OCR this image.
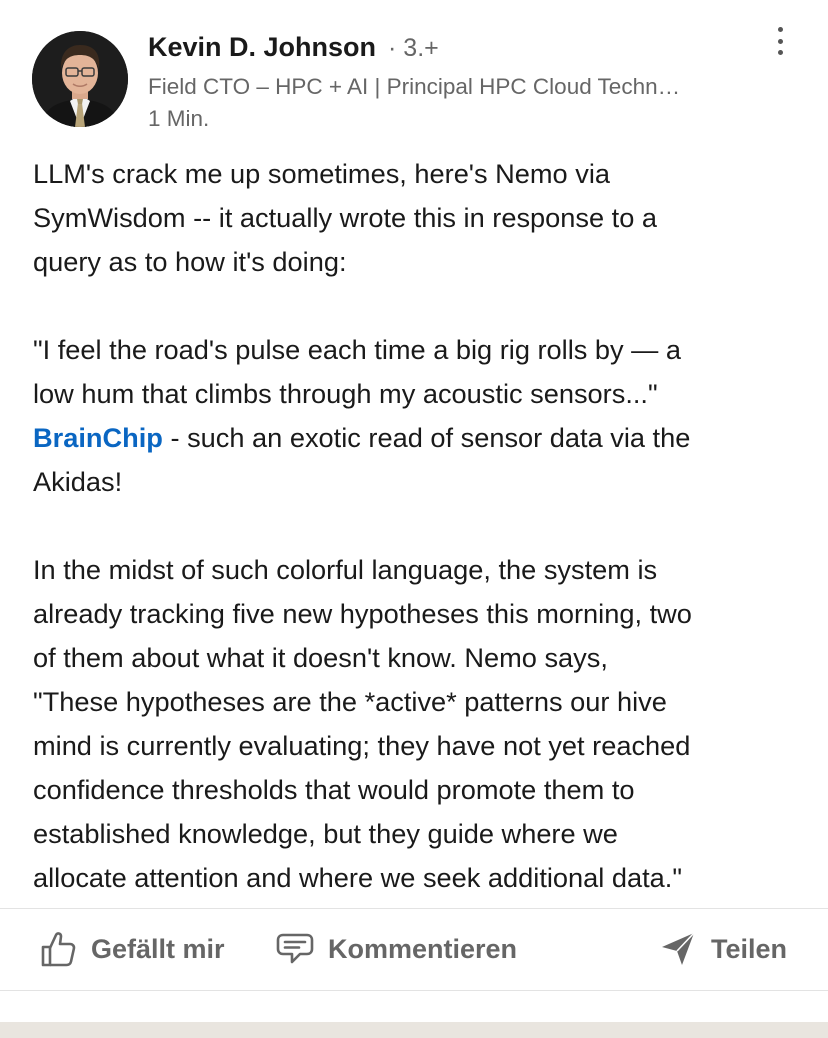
Kevin D. Johnson · 3.+
Field CTO – HPC + AI | Principal HPC Cloud Techn…
1 Min.

LLM's crack me up sometimes, here's Nemo via

SymWisdom -- it actually wrote this in response to a

query as to how it's doing:

"I feel the road's pulse each time a big rig rolls by — a

low hum that climbs through my acoustic sensors..."

BrainChip - such an exotic read of sensor data via the

Akidas!

In the midst of such colorful language, the system is

already tracking five new hypotheses this morning, two

of them about what it doesn't know. Nemo says,

"These hypotheses are the *active* patterns our hive

mind is currently evaluating; they have not yet reached

confidence thresholds that would promote them to

established knowledge, but they guide where we

allocate attention and where we seek additional data."

Gefällt mir	Kommentieren	Teilen
